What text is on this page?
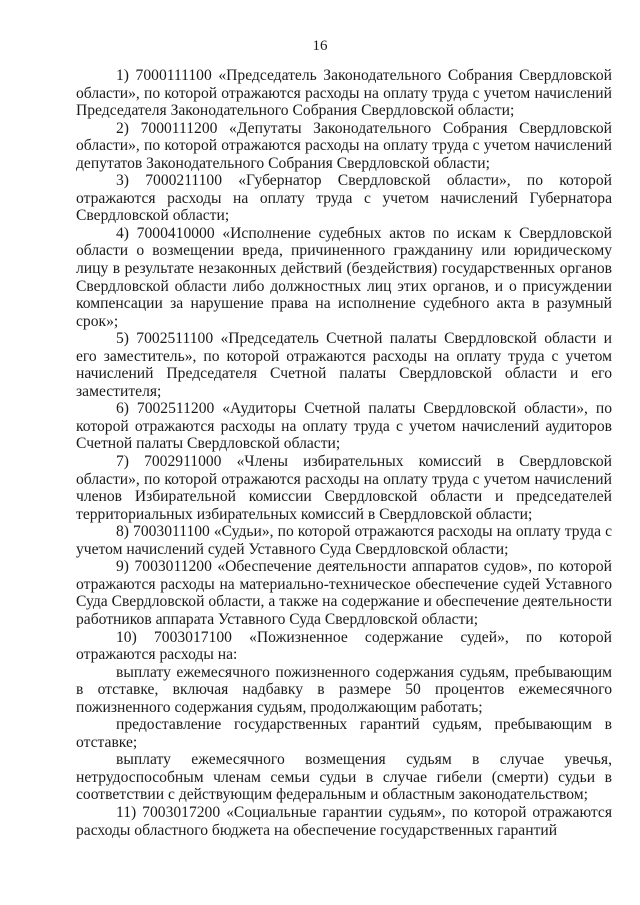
16

1) 7000111100 «Председатель Законодательного Собрания Свердловской области», по которой отражаются расходы на оплату труда с учетом начислений Председателя Законодательного Собрания Свердловской области;

2) 7000111200 «Депутаты Законодательного Собрания Свердловской области», по которой отражаются расходы на оплату труда с учетом начислений депутатов Законодательного Собрания Свердловской области;

3) 7000211100 «Губернатор Свердловской области», по которой отражаются расходы на оплату труда с учетом начислений Губернатора Свердловской области;

4) 7000410000 «Исполнение судебных актов по искам к Свердловской области о возмещении вреда, причиненного гражданину или юридическому лицу в результате незаконных действий (бездействия) государственных органов Свердловской области либо должностных лиц этих органов, и о присуждении компенсации за нарушение права на исполнение судебного акта в разумный срок»;

5) 7002511100 «Председатель Счетной палаты Свердловской области и его заместитель», по которой отражаются расходы на оплату труда с учетом начислений Председателя Счетной палаты Свердловской области и его заместителя;

6) 7002511200 «Аудиторы Счетной палаты Свердловской области», по которой отражаются расходы на оплату труда с учетом начислений аудиторов Счетной палаты Свердловской области;

7) 7002911000 «Члены избирательных комиссий в Свердловской области», по которой отражаются расходы на оплату труда с учетом начислений членов Избирательной комиссии Свердловской области и председателей территориальных избирательных комиссий в Свердловской области;

8) 7003011100 «Судьи», по которой отражаются расходы на оплату труда с учетом начислений судей Уставного Суда Свердловской области;

9) 7003011200 «Обеспечение деятельности аппаратов судов», по которой отражаются расходы на материально-техническое обеспечение судей Уставного Суда Свердловской области, а также на содержание и обеспечение деятельности работников аппарата Уставного Суда Свердловской области;

10) 7003017100 «Пожизненное содержание судей», по которой отражаются расходы на:

выплату ежемесячного пожизненного содержания судьям, пребывающим в отставке, включая надбавку в размере 50 процентов ежемесячного пожизненного содержания судьям, продолжающим работать;

предоставление государственных гарантий судьям, пребывающим в отставке;

выплату ежемесячного возмещения судьям в случае увечья, нетрудоспособным членам семьи судьи в случае гибели (смерти) судьи в соответствии с действующим федеральным и областным законодательством;

11) 7003017200 «Социальные гарантии судьям», по которой отражаются расходы областного бюджета на обеспечение государственных гарантий
